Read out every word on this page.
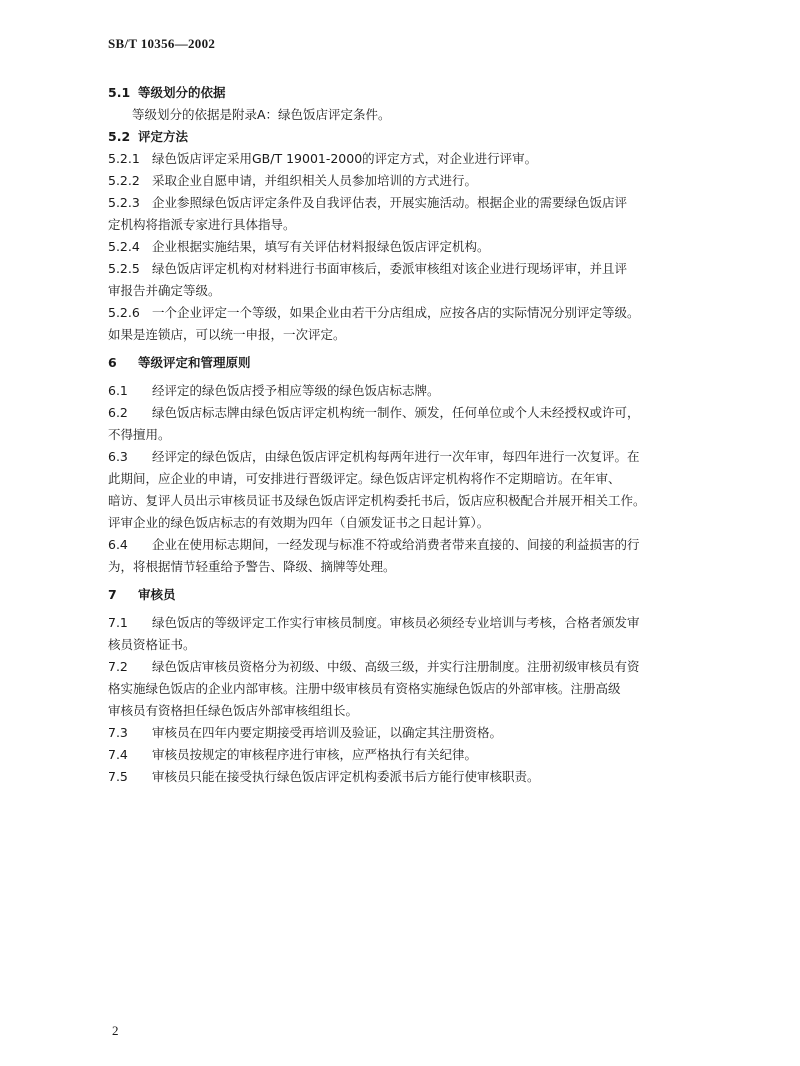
SB/T 10356—2002
5.1 等级划分的依据
等级划分的依据是附录A：绿色饭店评定条件。
5.2 评定方法
5.2.1 绿色饭店评定采用GB/T 19001-2000的评定方式，对企业进行评审。
5.2.2 采取企业自愿申请，并组织相关人员参加培训的方式进行。
5.2.3 企业参照绿色饭店评定条件及自我评估表，开展实施活动。根据企业的需要绿色饭店评
定机构将指派专家进行具体指导。
5.2.4 企业根据实施结果，填写有关评估材料报绿色饭店评定机构。
5.2.5 绿色饭店评定机构对材料进行书面审核后，委派审核组对该企业进行现场评审，并且评
审报告并确定等级。
5.2.6 一个企业评定一个等级，如果企业由若干分店组成，应按各店的实际情况分别评定等级。
如果是连锁店，可以统一申报，一次评定。
6 等级评定和管理原则
6.1 经评定的绿色饭店授予相应等级的绿色饭店标志牌。
6.2 绿色饭店标志牌由绿色饭店评定机构统一制作、颁发，任何单位或个人未经授权或许可，
不得擅用。
6.3 经评定的绿色饭店，由绿色饭店评定机构每两年进行一次年审，每四年进行一次复评。在
此期间，应企业的申请，可安排进行晋级评定。绿色饭店评定机构将作不定期暗访。在年审、
暗访、复评人员出示审核员证书及绿色饭店评定机构委托书后，饭店应积极配合并展开相关工作。
评审企业的绿色饭店标志的有效期为四年（自颁发证书之日起计算）。
6.4 企业在使用标志期间，一经发现与标准不符或给消费者带来直接的、间接的利益损害的行
为，将根据情节轻重给予警告、降级、摘牌等处理。
7 审核员
7.1 绿色饭店的等级评定工作实行审核员制度。审核员必须经专业培训与考核，合格者颁发审
核员资格证书。
7.2 绿色饭店审核员资格分为初级、中级、高级三级，并实行注册制度。注册初级审核员有资
格实施绿色饭店的企业内部审核。注册中级审核员有资格实施绿色饭店的外部审核。注册高级
审核员有资格担任绿色饭店外部审核组组长。
7.3 审核员在四年内要定期接受再培训及验证，以确定其注册资格。
7.4 审核员按规定的审核程序进行审核，应严格执行有关纪律。
7.5 审核员只能在接受执行绿色饭店评定机构委派书后方能行使审核职责。
2
